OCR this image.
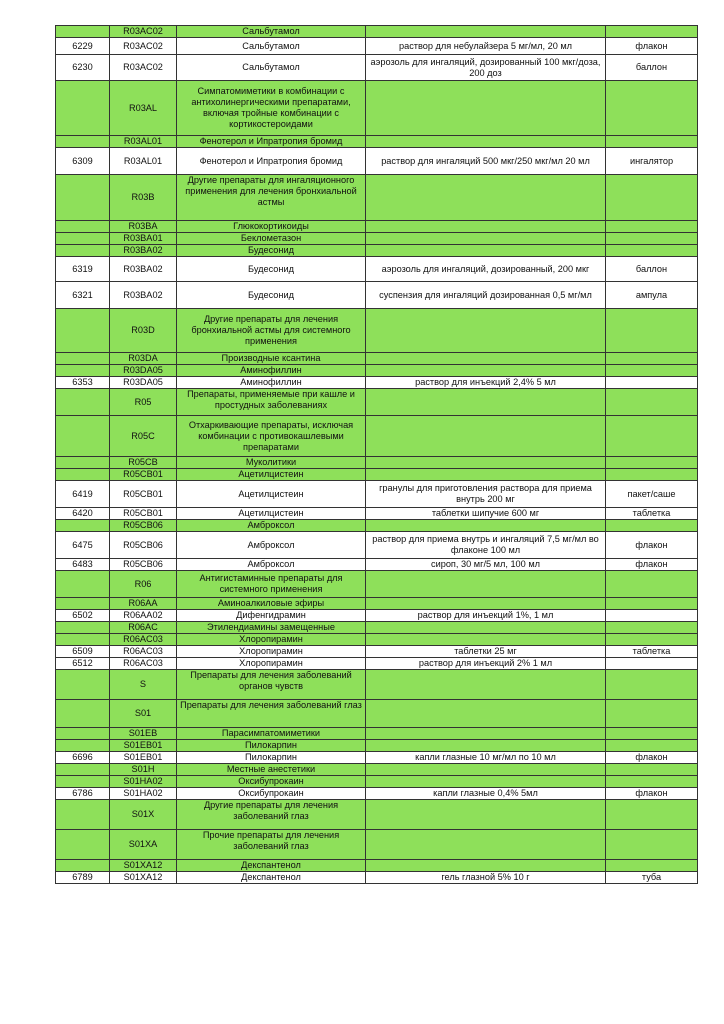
	R03AC02	Сальбутамол		
6229	R03AC02	Сальбутамол	раствор для небулайзера 5 мг/мл, 20 мл	флакон
6230	R03AC02	Сальбутамол	аэрозоль для ингаляций, дозированный 100 мкг/доза, 200 доз	баллон
	R03AL	Симпатомиметики в комбинации с антихолинергическими препаратами, включая тройные комбинации с кортикостероидами		
	R03AL01	Фенотерол и Ипратропия бромид		
6309	R03AL01	Фенотерол и Ипратропия бромид	раствор для ингаляций 500 мкг/250 мкг/мл 20 мл	ингалятор
	R03B	Другие препараты для ингаляционного применения для лечения бронхиальной астмы		
	R03BA	Глюкокортикоиды		
	R03BA01	Беклометазон		
	R03BA02	Будесонид		
6319	R03BA02	Будесонид	аэрозоль для ингаляций, дозированный, 200 мкг	баллон
6321	R03BA02	Будесонид	суспензия для ингаляций дозированная 0,5 мг/мл	ампула
	R03D	Другие препараты для лечения бронхиальной астмы для системного применения		
	R03DA	Производные ксантина		
	R03DA05	Аминофиллин		
6353	R03DA05	Аминофиллин	раствор для инъекций 2,4% 5 мл	
	R05	Препараты, применяемые при кашле и простудных заболеваниях		
	R05C	Отхаркивающие препараты, исключая комбинации с противокашлевыми препаратами		
	R05CB	Муколитики		
	R05CB01	Ацетилцистеин		
6419	R05CB01	Ацетилцистеин	гранулы для приготовления раствора для приема внутрь 200 мг	пакет/саше
6420	R05CB01	Ацетилцистеин	таблетки шипучие 600 мг	таблетка
	R05CB06	Амброксол		
6475	R05CB06	Амброксол	раствор для приема внутрь и ингаляций 7,5 мг/мл во флаконе 100 мл	флакон
6483	R05CB06	Амброксол	сироп, 30 мг/5 мл, 100 мл	флакон
	R06	Антигистаминные препараты для системного применения		
	R06AA	Аминоалкиловые эфиры		
6502	R06AA02	Дифенгидрамин	раствор для инъекций 1%, 1 мл	
	R06AC	Этилендиамины замещенные		
	R06AC03	Хлоропирамин		
6509	R06AC03	Хлоропирамин	таблетки 25 мг	таблетка
6512	R06AC03	Хлоропирамин	раствор для инъекций 2% 1 мл	
	S	Препараты для лечения заболеваний органов чувств		
	S01	Препараты для лечения заболеваний глаз		
	S01EB	Парасимпатомиметики		
	S01EB01	Пилокарпин		
6696	S01EB01	Пилокарпин	капли глазные 10 мг/мл по 10 мл	флакон
	S01H	Местные анестетики		
	S01HA02	Оксибупрокаин		
6786	S01HA02	Оксибупрокаин	капли глазные 0,4% 5мл	флакон
	S01X	Другие препараты для лечения заболеваний глаз		
	S01XA	Прочие препараты для лечения заболеваний глаз		
	S01XA12	Декспантенол		
6789	S01XA12	Декспантенол	гель глазной 5% 10 г	туба
